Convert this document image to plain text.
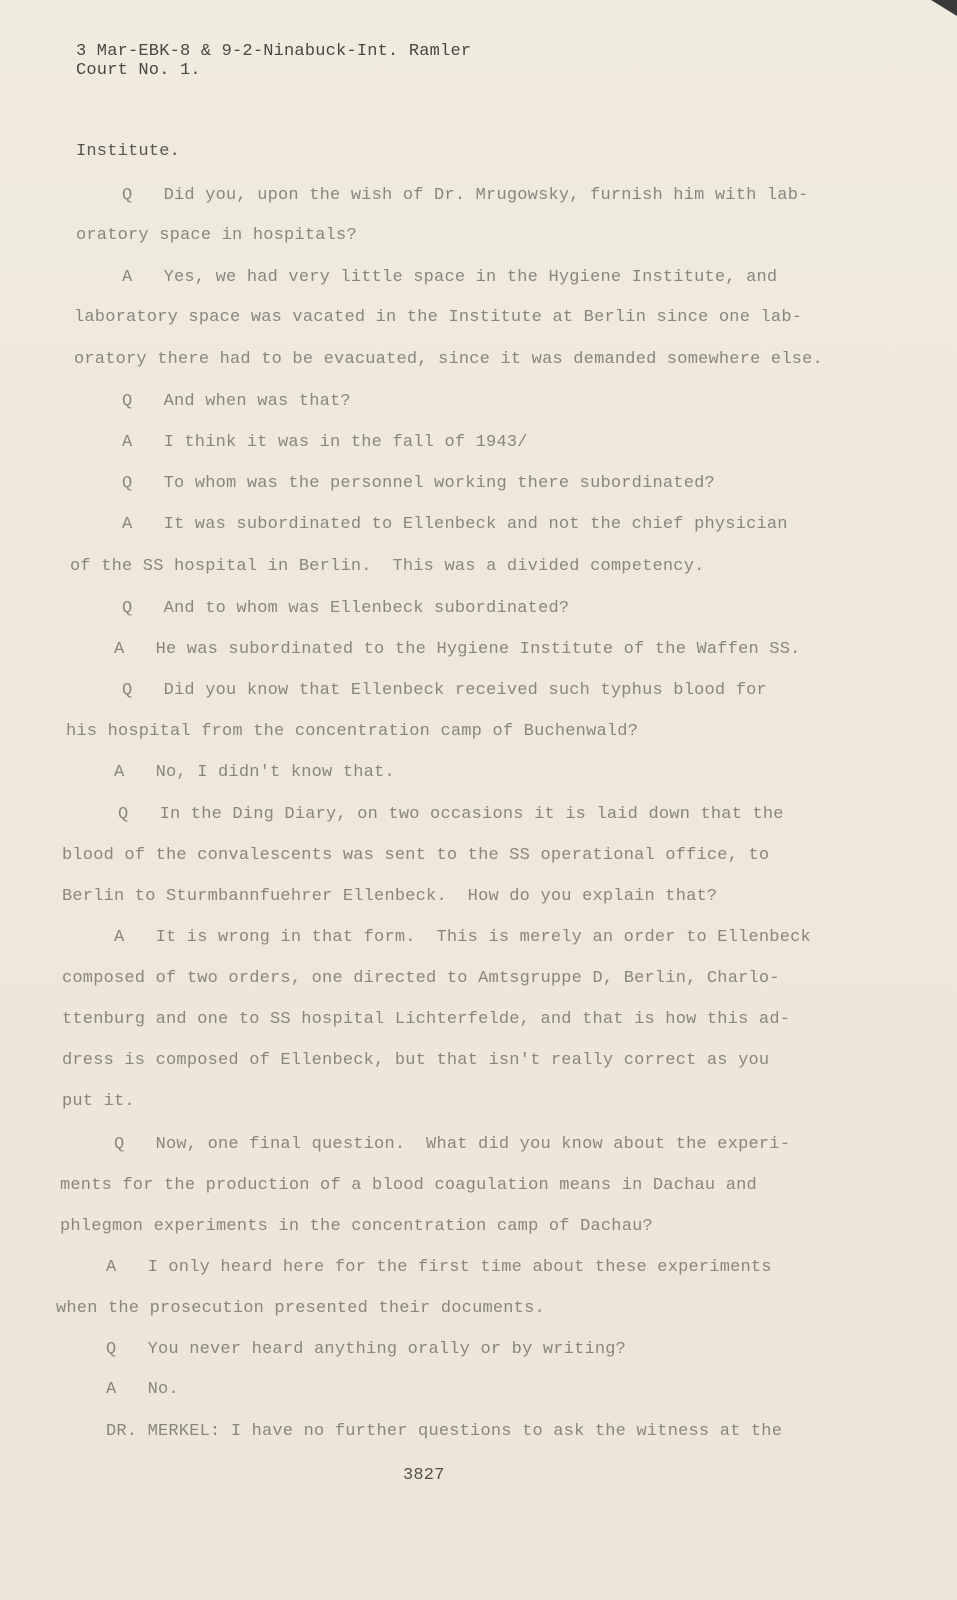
3 Mar-EBK-8 & 9-2-Ninabuck-Int. Ramler
Court No. 1.
Institute.
Q   Did you, upon the wish of Dr. Mrugowsky, furnish him with lab-
oratory space in hospitals?
A   Yes, we had very little space in the Hygiene Institute, and
laboratory space was vacated in the Institute at Berlin since one lab-
oratory there had to be evacuated, since it was demanded somewhere else.
Q   And when was that?
A   I think it was in the fall of 1943/
Q   To whom was the personnel working there subordinated?
A   It was subordinated to Ellenbeck and not the chief physician
of the SS hospital in Berlin.  This was a divided competency.
Q   And to whom was Ellenbeck subordinated?
A   He was subordinated to the Hygiene Institute of the Waffen SS.
Q   Did you know that Ellenbeck received such typhus blood for
his hospital from the concentration camp of Buchenwald?
A   No, I didn't know that.
Q   In the Ding Diary, on two occasions it is laid down that the
blood of the convalescents was sent to the SS operational office, to
Berlin to Sturmbannfuehrer Ellenbeck.  How do you explain that?
A   It is wrong in that form.  This is merely an order to Ellenbeck
composed of two orders, one directed to Amtsgruppe D, Berlin, Charlo-
ttenburg and one to SS hospital Lichterfelde, and that is how this ad-
dress is composed of Ellenbeck, but that isn't really correct as you
put it.
Q   Now, one final question.  What did you know about the experi-
ments for the production of a blood coagulation means in Dachau and
phlegmon experiments in the concentration camp of Dachau?
A   I only heard here for the first time about these experiments
when the prosecution presented their documents.
Q   You never heard anything orally or by writing?
A   No.
DR. MERKEL: I have no further questions to ask the witness at the
3827
